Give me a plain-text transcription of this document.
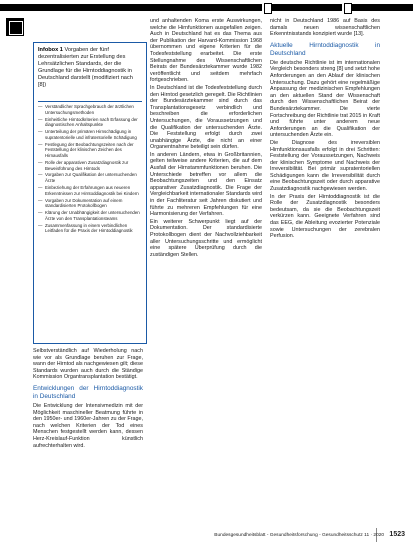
Infobox 1 Vorgaben der fünf dezentralisierten zur Erstellung des Lehrsätzlichen Standards, der die Grundlage für die Hirntoddiagnostik in Deutschland darstellt (modifiziert nach [8])
— Verständlicher Sprachgebrauch der ärztlichen Untersuchungsmethoden
— Einheitliche Hirntodkriterien nach Erfassung der diagnostischen Anhaltspunkte
— Unterteilung der primären Hirnschädigung in supratentorielle und infratentorielle Schädigung
— Festlegung der Beobachtungszeiten nach der Feststellung der klinischen Zeichen des Hirnausfalls
— Rolle der apparativen Zusatzdiagnostik zur Beweisführung des Hirntods
— Vorgaben zur Qualifikation der untersuchenden Ärzte
— Einbeziehung der Erfahrungen aus neueren Erkenntnissen zur Hirntoddiagnostik bei Kindern
— Vorgaben zur Dokumentation auf einem standardisierten Protokollbogen
— Klärung der Unabhängigkeit der untersuchenden Ärzte von den Transplantationsteams
— Zusammenfassung in einem verbindlichen Leitfaden für die Praxis der Hirntoddiagnostik

Selbstverständlich auf Wiederholung nach wie vor als Grundlage beruhen zur Frage, wann der Hirntod als nachgewiesen gilt; diese Standards wurden auch durch die Ständige Kommission Organtransplantation bestätigt.

Entwicklungen der Hirntoddiagnostik in Deutschland

Die Entwicklung der Intensivmedizin mit der Möglichkeit maschineller Beatmung führte in den 1950er- und 1960er-Jahren zu der Frage, nach welchen Kriterien der Tod eines Menschen festgestellt werden kann, dessen Herz-Kreislauf-Funktion künstlich aufrechterhalten wird.

und anhaltenden Koma erste Auswirkungen, welche die Hirnfunktionen ausgefallen zeigen. Auch in Deutschland hat es das Thema aus der Publikation der Harvard-Kommission 1968 übernommen und eigene Kriterien für die Todesfeststellung erarbeitet. Die erste Stellungnahme des Wissenschaftlichen Beirats der Bundesärztekammer wurde 1982 veröffentlicht und seitdem mehrfach fortgeschrieben.

In Deutschland ist die Todesfeststellung durch den Hirntod gesetzlich geregelt. Die Richtlinien der Bundesärztekammer sind durch das Transplantationsgesetz verbindlich und beschreiben die erforderlichen Untersuchungen, die Voraussetzungen und die Qualifikation der untersuchenden Ärzte. Die Feststellung erfolgt durch zwei unabhängige Ärzte, die nicht an einer Organentnahme beteiligt sein dürfen.

In anderen Ländern, etwa in Großbritannien, gelten teilweise andere Kriterien, die auf dem Ausfall der Hirnstammfunktionen beruhen. Die Unterschiede betreffen vor allem die Beobachtungszeiten und den Einsatz apparativer Zusatzdiagnostik. Die Frage der Vergleichbarkeit internationaler Standards wird in der Fachliteratur seit Jahren diskutiert und führte zu mehreren Empfehlungen für eine Harmonisierung der Verfahren.

Ein weiterer Schwerpunkt liegt auf der Dokumentation. Der standardisierte Protokollbogen dient der Nachvollziehbarkeit aller Untersuchungsschritte und ermöglicht eine spätere Überprüfung durch die zuständigen Stellen.

nicht in Deutschland 1986 auf Basis des damals neuen wissenschaftlichen Erkenntnisstands konzipiert wurde [13].

Aktuelle Hirntoddiagnostik in Deutschland

Die deutsche Richtlinie ist im internationalen Vergleich besonders streng [8] und setzt hohe Anforderungen an den Ablauf der klinischen Untersuchung. Dazu gehört eine regelmäßige Anpassung der medizinischen Empfehlungen an den aktuellen Stand der Wissenschaft durch den Wissenschaftlichen Beirat der Bundesärztekammer. Die vierte Fortschreibung der Richtlinie trat 2015 in Kraft und führte unter anderem neue Anforderungen an die Qualifikation der untersuchenden Ärzte ein.

Die Diagnose des irreversiblen Hirnfunktionsausfalls erfolgt in drei Schritten: Feststellung der Voraussetzungen, Nachweis der klinischen Symptome und Nachweis der Irreversibilität. Bei primär supratentoriellen Schädigungen kann die Irreversibilität durch eine Beobachtungszeit oder durch apparative Zusatzdiagnostik nachgewiesen werden.

In der Praxis der Hirntoddiagnostik ist die Rolle der Zusatzdiagnostik besonders bedeutsam, da sie die Beobachtungszeit verkürzen kann. Geeignete Verfahren sind das EEG, die Ableitung evozierter Potenziale sowie Untersuchungen der zerebralen Perfusion.

Bundesgesundheitsblatt - Gesundheitsforschung - Gesundheitsschutz 11 · 2020 1523
